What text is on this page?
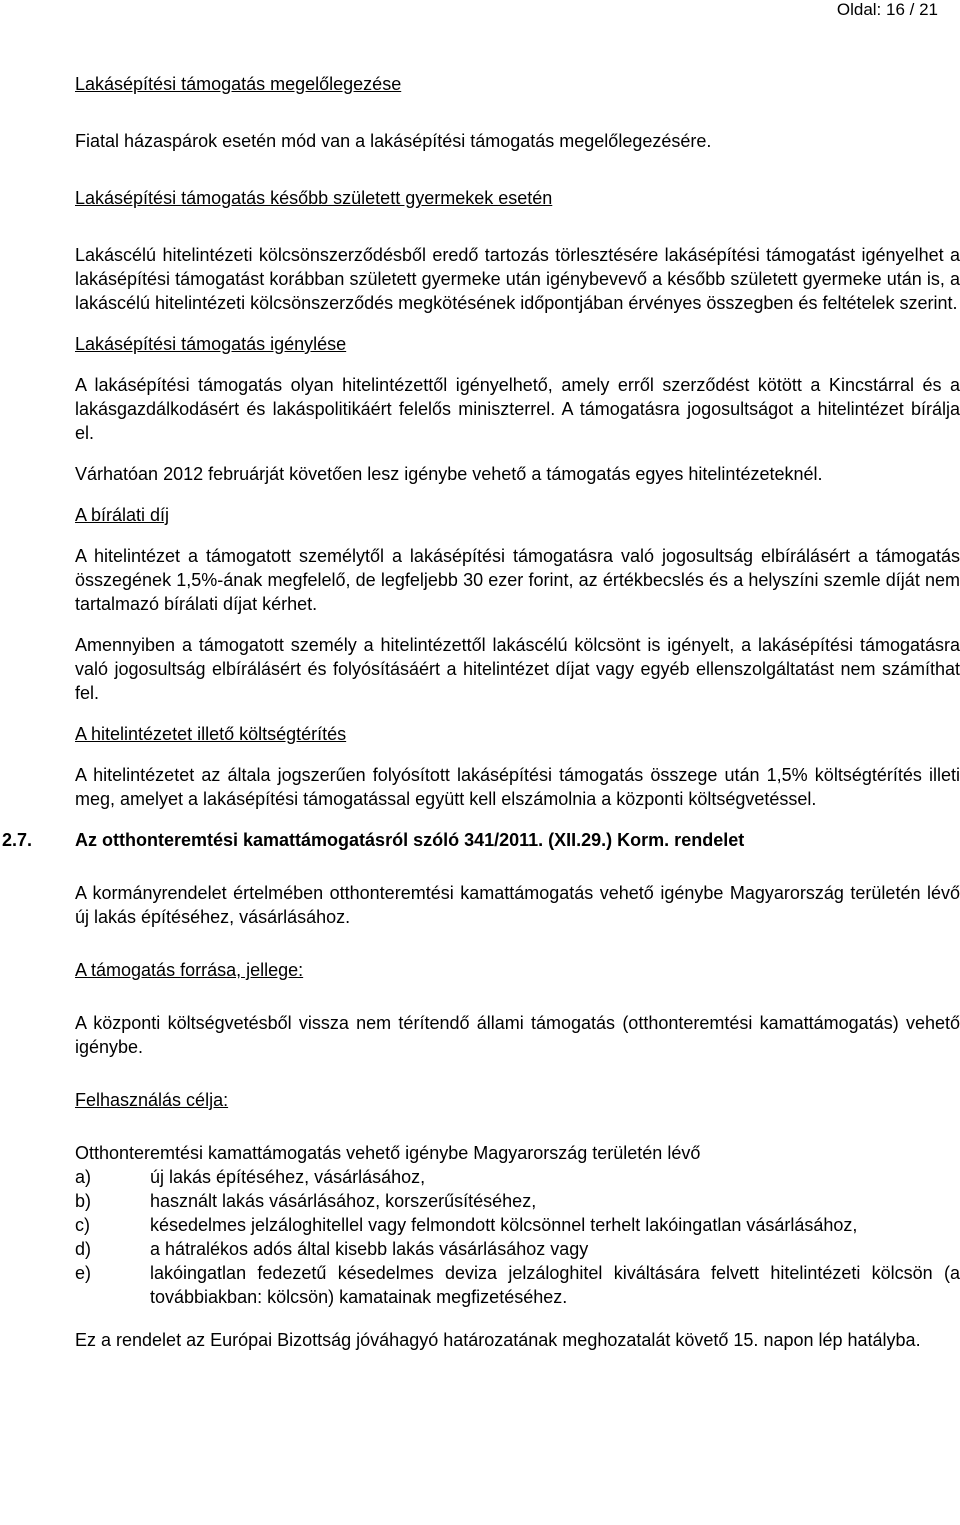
Oldal: 16 / 21

Lakásépítési támogatás megelőlegezése

Fiatal házaspárok esetén mód van a lakásépítési támogatás megelőlegezésére.

Lakásépítési támogatás később született gyermekek esetén

Lakáscélú hitelintézeti kölcsönszerződésből eredő tartozás törlesztésére lakásépítési támogatást igényelhet a lakásépítési támogatást korábban született gyermeke után igénybevevő a később született gyermeke után is, a lakáscélú hitelintézeti kölcsönszerződés megkötésének időpontjában érvényes összegben és feltételek szerint.

Lakásépítési támogatás igénylése

A lakásépítési támogatás olyan hitelintézettől igényelhető, amely erről szerződést kötött a Kincstárral és a lakásgazdálkodásért és lakáspolitikáért felelős miniszterrel. A támogatásra jogosultságot a hitelintézet bírálja el.

Várhatóan 2012 februárját követően lesz igénybe vehető a támogatás egyes hitelintézeteknél.

A bírálati díj

A hitelintézet a támogatott személytől a lakásépítési támogatásra való jogosultság elbírálásért a támogatás összegének 1,5%-ának megfelelő, de legfeljebb 30 ezer forint, az értékbecslés és a helyszíni szemle díját nem tartalmazó bírálati díjat kérhet.

Amennyiben a támogatott személy a hitelintézettől lakáscélú kölcsönt is igényelt, a lakásépítési támogatásra való jogosultság elbírálásért és folyósításáért a hitelintézet díjat vagy egyéb ellenszolgáltatást nem számíthat fel.

A hitelintézetet illető költségtérítés

A hitelintézetet az általa jogszerűen folyósított lakásépítési támogatás összege után 1,5% költségtérítés illeti meg, amelyet a lakásépítési támogatással együtt kell elszámolnia a központi költségvetéssel.

2.7. Az otthonteremtési kamattámogatásról szóló 341/2011. (XII.29.) Korm. rendelet

A kormányrendelet értelmében otthonteremtési kamattámogatás vehető igénybe Magyarország területén lévő új lakás építéséhez, vásárlásához.

A támogatás forrása, jellege:

A központi költségvetésből vissza nem térítendő állami támogatás (otthonteremtési kamattámogatás) vehető igénybe.

Felhasználás célja:

Otthonteremtési kamattámogatás vehető igénybe Magyarország területén lévő

a)	új lakás építéséhez, vásárlásához,
b)	használt lakás vásárlásához, korszerűsítéséhez,
c)	késedelmes jelzáloghitellel vagy felmondott kölcsönnel terhelt lakóingatlan vásárlásához,
d)	a hátralékos adós által kisebb lakás vásárlásához vagy
e)	lakóingatlan fedezetű késedelmes deviza jelzáloghitel kiváltására felvett hitelintézeti kölcsön (a továbbiakban: kölcsön) kamatainak megfizetéséhez.

Ez a rendelet az Európai Bizottság jóváhagyó határozatának meghozatalát követő 15. napon lép hatályba.
